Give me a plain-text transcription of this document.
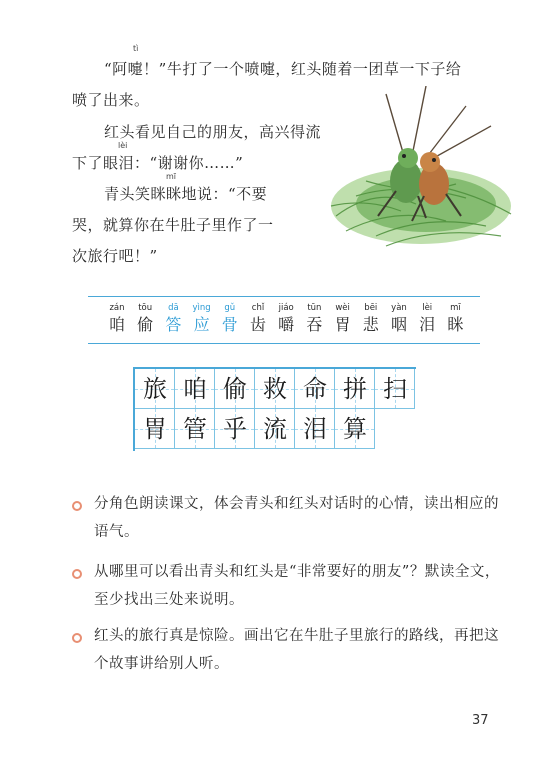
tì
“阿嚏！”牛打了一个喷嚏，红头随着一团草一下子给
喷了出来。
红头看见自己的朋友，高兴得流
lèi
下了眼泪：“谢谢你……”
mī
青头笑眯眯地说：“不要
哭，就算你在牛肚子里作了一
次旅行吧！”
zán
咱
tōu
偷
dā
答
yìng
应
gǔ
骨
chǐ
齿
jiáo
嚼
tūn
吞
wèi
胃
bēi
悲
yàn
咽
lèi
泪
mī
眯
旅 咱 偷 救 命 拼 扫
胃 管 乎 流 泪 算
分角色朗读课文，体会青头和红头对话时的心情，读出相应的
语气。
从哪里可以看出青头和红头是“非常要好的朋友”？默读全文，
至少找出三处来说明。
红头的旅行真是惊险。画出它在牛肚子里旅行的路线，再把这
个故事讲给别人听。
37
